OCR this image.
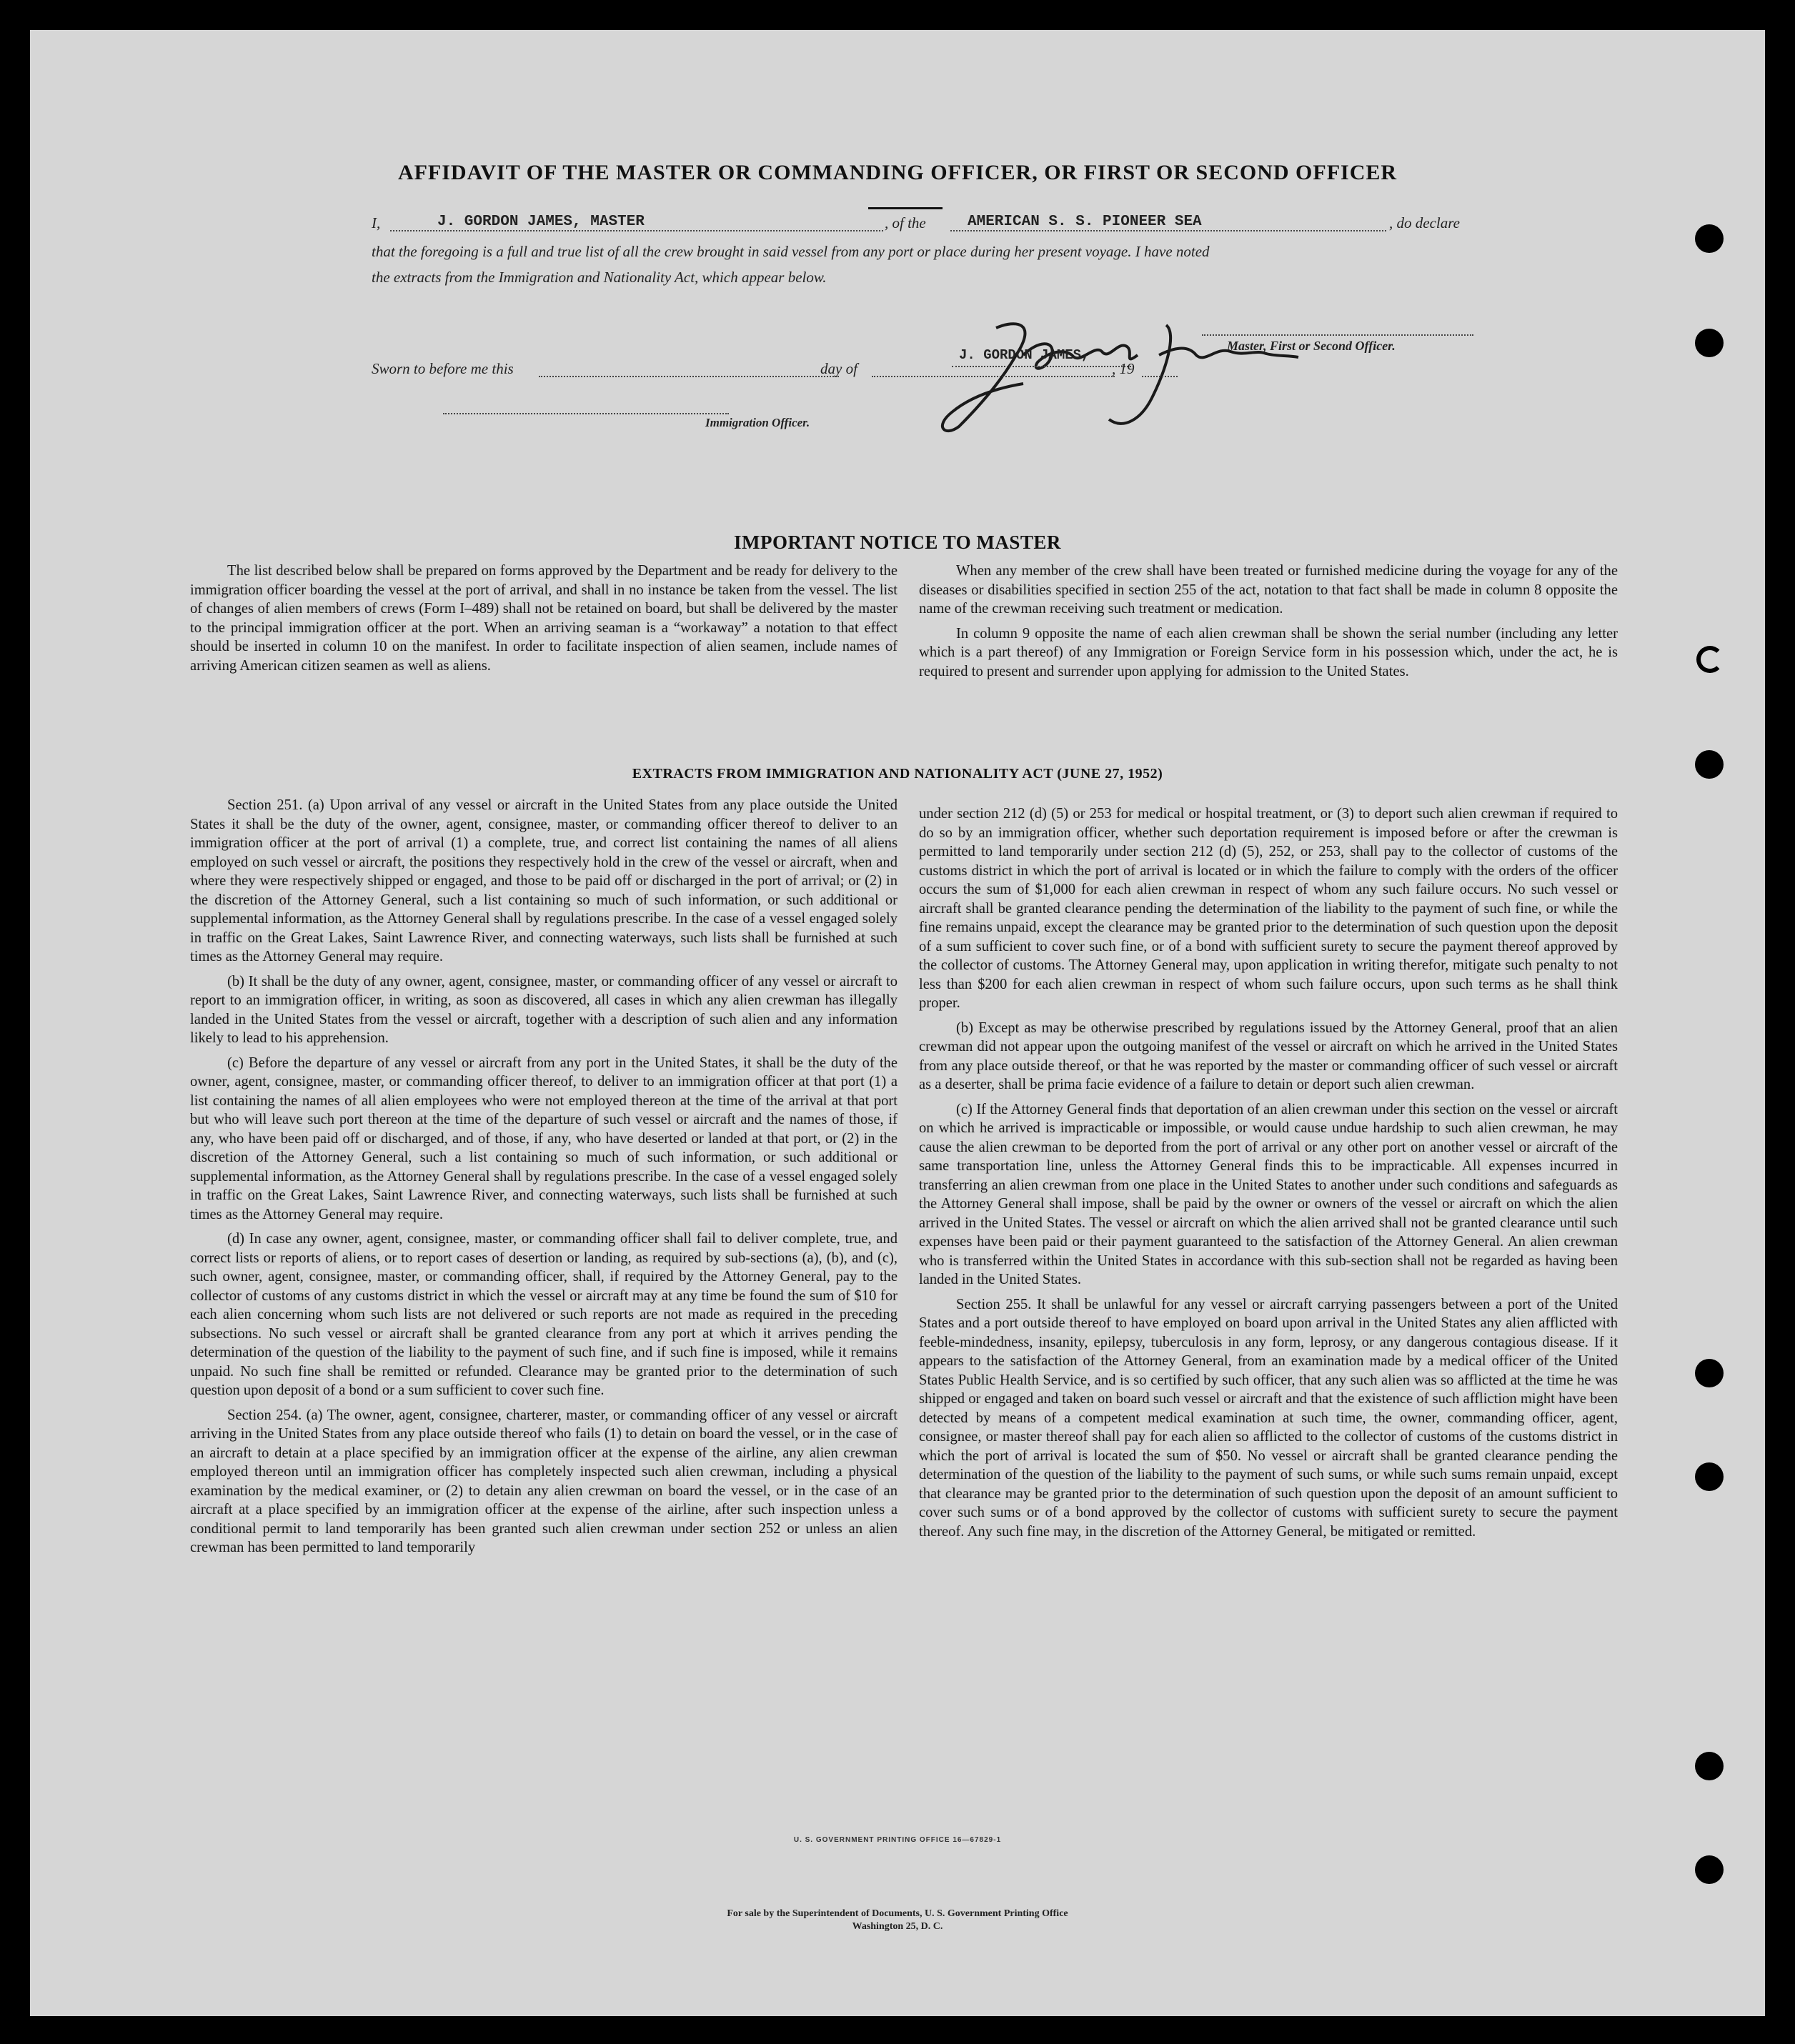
AFFIDAVIT OF THE MASTER OR COMMANDING OFFICER, OR FIRST OR SECOND OFFICER
I,	J. GORDON JAMES, MASTER	, of the	AMERICAN S. S. PIONEER SEA	, do declare
that the foregoing is a full and true list of all the crew brought in said vessel from any port or place during her present voyage. I have noted
the extracts from the Immigration and Nationality Act, which appear below.
J. GORDON JAMES,
Master, First or Second Officer.
Sworn to before me this	day of	, 19
Immigration Officer.
IMPORTANT NOTICE TO MASTER

The list described below shall be prepared on forms approved by the Department and be ready for delivery to the immigration officer boarding the vessel at the port of arrival, and shall in no instance be taken from the vessel. The list of changes of alien members of crews (Form I–489) shall not be retained on board, but shall be delivered by the master to the principal immigration officer at the port. When an arriving seaman is a “workaway” a notation to that effect should be inserted in column 10 on the manifest. In order to facilitate inspection of alien seamen, include names of arriving American citizen seamen as well as aliens.

When any member of the crew shall have been treated or furnished medicine during the voyage for any of the diseases or disabilities specified in section 255 of the act, notation to that fact shall be made in column 8 opposite the name of the crewman receiving such treatment or medication.

In column 9 opposite the name of each alien crewman shall be shown the serial number (including any letter which is a part thereof) of any Immigration or Foreign Service form in his possession which, under the act, he is required to present and surrender upon applying for admission to the United States.

EXTRACTS FROM IMMIGRATION AND NATIONALITY ACT (JUNE 27, 1952)

Section 251. (a) Upon arrival of any vessel or aircraft in the United States from any place outside the United States it shall be the duty of the owner, agent, consignee, master, or commanding officer thereof to deliver to an immigration officer at the port of arrival (1) a complete, true, and correct list containing the names of all aliens employed on such vessel or aircraft, the positions they respectively hold in the crew of the vessel or aircraft, when and where they were respectively shipped or engaged, and those to be paid off or discharged in the port of arrival; or (2) in the discretion of the Attorney General, such a list containing so much of such information, or such additional or supplemental information, as the Attorney General shall by regulations prescribe. In the case of a vessel engaged solely in traffic on the Great Lakes, Saint Lawrence River, and connecting waterways, such lists shall be furnished at such times as the Attorney General may require.

(b) It shall be the duty of any owner, agent, consignee, master, or commanding officer of any vessel or aircraft to report to an immigration officer, in writing, as soon as discovered, all cases in which any alien crewman has illegally landed in the United States from the vessel or aircraft, together with a description of such alien and any information likely to lead to his apprehension.

(c) Before the departure of any vessel or aircraft from any port in the United States, it shall be the duty of the owner, agent, consignee, master, or commanding officer thereof, to deliver to an immigration officer at that port (1) a list containing the names of all alien employees who were not employed thereon at the time of the arrival at that port but who will leave such port thereon at the time of the departure of such vessel or aircraft and the names of those, if any, who have been paid off or discharged, and of those, if any, who have deserted or landed at that port, or (2) in the discretion of the Attorney General, such a list containing so much of such information, or such additional or supplemental information, as the Attorney General shall by regulations prescribe. In the case of a vessel engaged solely in traffic on the Great Lakes, Saint Lawrence River, and connecting waterways, such lists shall be furnished at such times as the Attorney General may require.

(d) In case any owner, agent, consignee, master, or commanding officer shall fail to deliver complete, true, and correct lists or reports of aliens, or to report cases of desertion or landing, as required by sub-sections (a), (b), and (c), such owner, agent, consignee, master, or commanding officer, shall, if required by the Attorney General, pay to the collector of customs of any customs district in which the vessel or aircraft may at any time be found the sum of $10 for each alien concerning whom such lists are not delivered or such reports are not made as required in the preceding subsections. No such vessel or aircraft shall be granted clearance from any port at which it arrives pending the determination of the question of the liability to the payment of such fine, and if such fine is imposed, while it remains unpaid. No such fine shall be remitted or refunded. Clearance may be granted prior to the determination of such question upon deposit of a bond or a sum sufficient to cover such fine.

Section 254. (a) The owner, agent, consignee, charterer, master, or commanding officer of any vessel or aircraft arriving in the United States from any place outside thereof who fails (1) to detain on board the vessel, or in the case of an aircraft to detain at a place specified by an immigration officer at the expense of the airline, any alien crewman employed thereon until an immigration officer has completely inspected such alien crewman, including a physical examination by the medical examiner, or (2) to detain any alien crewman on board the vessel, or in the case of an aircraft at a place specified by an immigration officer at the expense of the airline, after such inspection unless a conditional permit to land temporarily has been granted such alien crewman under section 252 or unless an alien crewman has been permitted to land temporarily

under section 212 (d) (5) or 253 for medical or hospital treatment, or (3) to deport such alien crewman if required to do so by an immigration officer, whether such deportation requirement is imposed before or after the crewman is permitted to land temporarily under section 212 (d) (5), 252, or 253, shall pay to the collector of customs of the customs district in which the port of arrival is located or in which the failure to comply with the orders of the officer occurs the sum of $1,000 for each alien crewman in respect of whom any such failure occurs. No such vessel or aircraft shall be granted clearance pending the determination of the liability to the payment of such fine, or while the fine remains unpaid, except the clearance may be granted prior to the determination of such question upon the deposit of a sum sufficient to cover such fine, or of a bond with sufficient surety to secure the payment thereof approved by the collector of customs. The Attorney General may, upon application in writing therefor, mitigate such penalty to not less than $200 for each alien crewman in respect of whom such failure occurs, upon such terms as he shall think proper.

(b) Except as may be otherwise prescribed by regulations issued by the Attorney General, proof that an alien crewman did not appear upon the outgoing manifest of the vessel or aircraft on which he arrived in the United States from any place outside thereof, or that he was reported by the master or commanding officer of such vessel or aircraft as a deserter, shall be prima facie evidence of a failure to detain or deport such alien crewman.

(c) If the Attorney General finds that deportation of an alien crewman under this section on the vessel or aircraft on which he arrived is impracticable or impossible, or would cause undue hardship to such alien crewman, he may cause the alien crewman to be deported from the port of arrival or any other port on another vessel or aircraft of the same transportation line, unless the Attorney General finds this to be impracticable. All expenses incurred in transferring an alien crewman from one place in the United States to another under such conditions and safeguards as the Attorney General shall impose, shall be paid by the owner or owners of the vessel or aircraft on which the alien arrived in the United States. The vessel or aircraft on which the alien arrived shall not be granted clearance until such expenses have been paid or their payment guaranteed to the satisfaction of the Attorney General. An alien crewman who is transferred within the United States in accordance with this sub-section shall not be regarded as having been landed in the United States.

Section 255. It shall be unlawful for any vessel or aircraft carrying passengers between a port of the United States and a port outside thereof to have employed on board upon arrival in the United States any alien afflicted with feeble-mindedness, insanity, epilepsy, tuberculosis in any form, leprosy, or any dangerous contagious disease. If it appears to the satisfaction of the Attorney General, from an examination made by a medical officer of the United States Public Health Service, and is so certified by such officer, that any such alien was so afflicted at the time he was shipped or engaged and taken on board such vessel or aircraft and that the existence of such affliction might have been detected by means of a competent medical examination at such time, the owner, commanding officer, agent, consignee, or master thereof shall pay for each alien so afflicted to the collector of customs of the customs district in which the port of arrival is located the sum of $50. No vessel or aircraft shall be granted clearance pending the determination of the question of the liability to the payment of such sums, or while such sums remain unpaid, except that clearance may be granted prior to the determination of such question upon the deposit of an amount sufficient to cover such sums or of a bond approved by the collector of customs with sufficient surety to secure the payment thereof. Any such fine may, in the discretion of the Attorney General, be mitigated or remitted.

U. S. GOVERNMENT PRINTING OFFICE 16—67829-1
For sale by the Superintendent of Documents, U. S. Government Printing Office
Washington 25, D. C.
